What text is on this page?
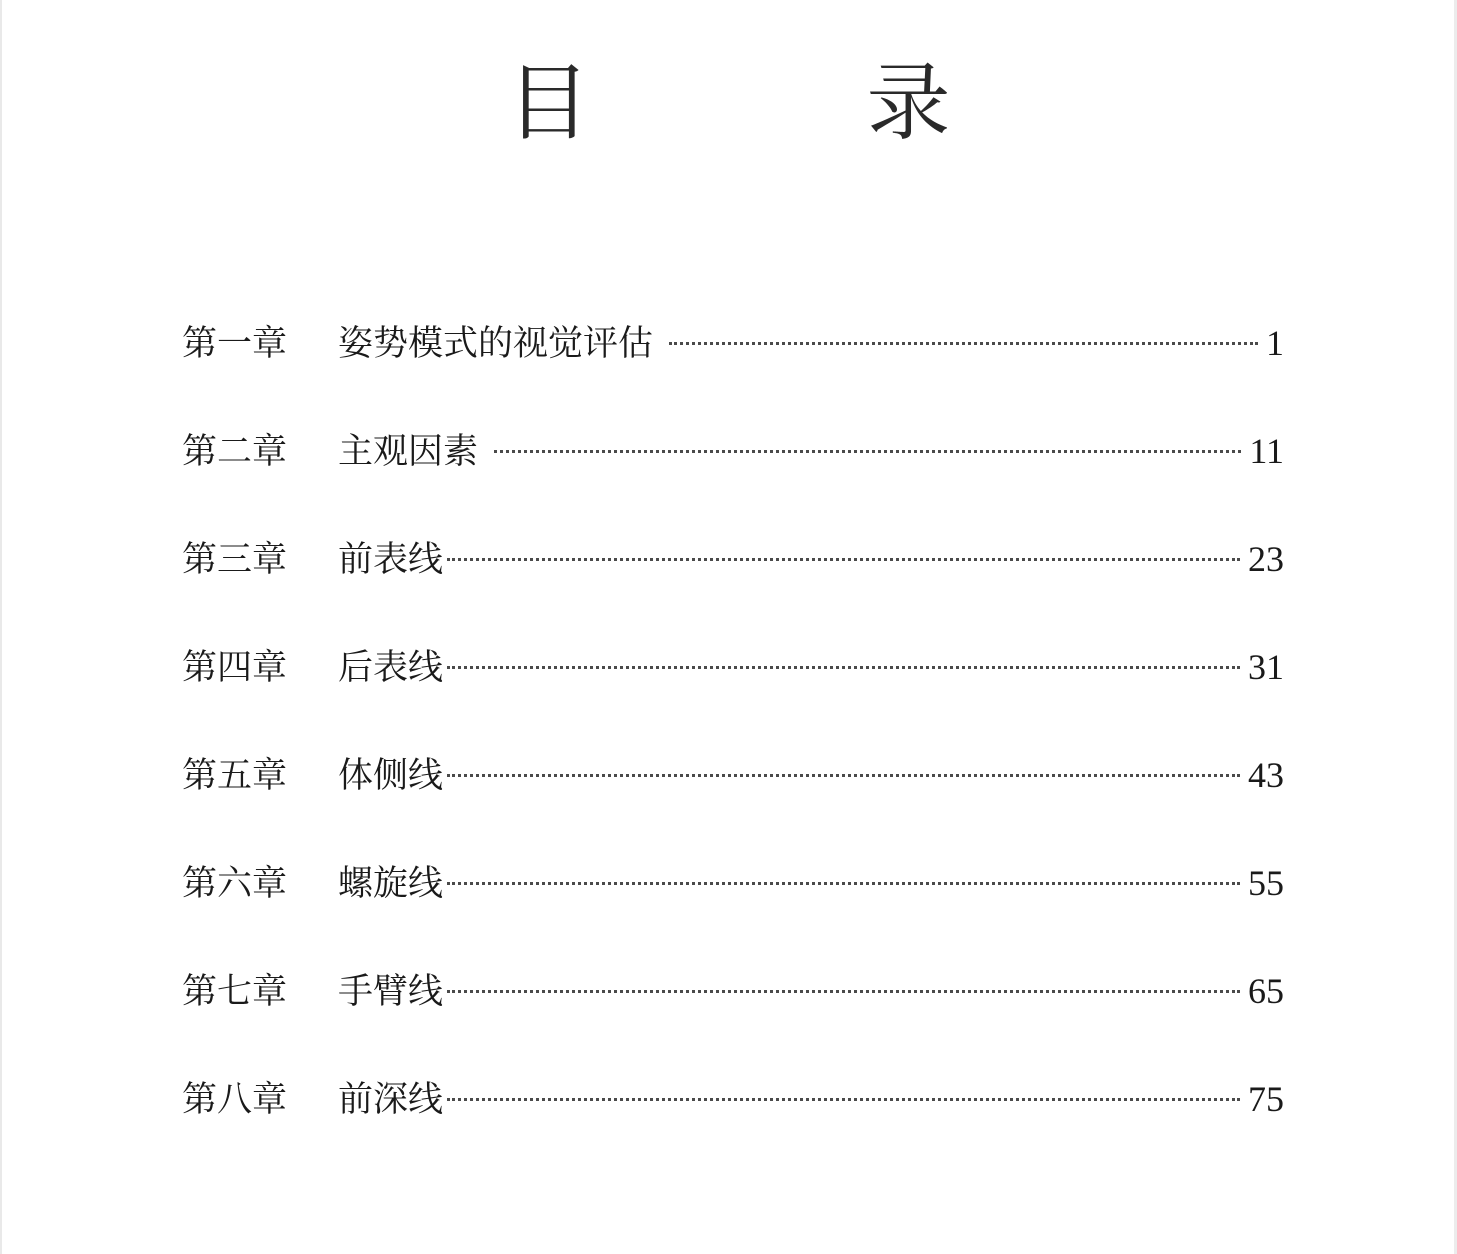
目　录
第一章	姿势模式的视觉评估	1
第二章	主观因素	11
第三章	前表线	23
第四章	后表线	31
第五章	体侧线	43
第六章	螺旋线	55
第七章	手臂线	65
第八章	前深线	75
